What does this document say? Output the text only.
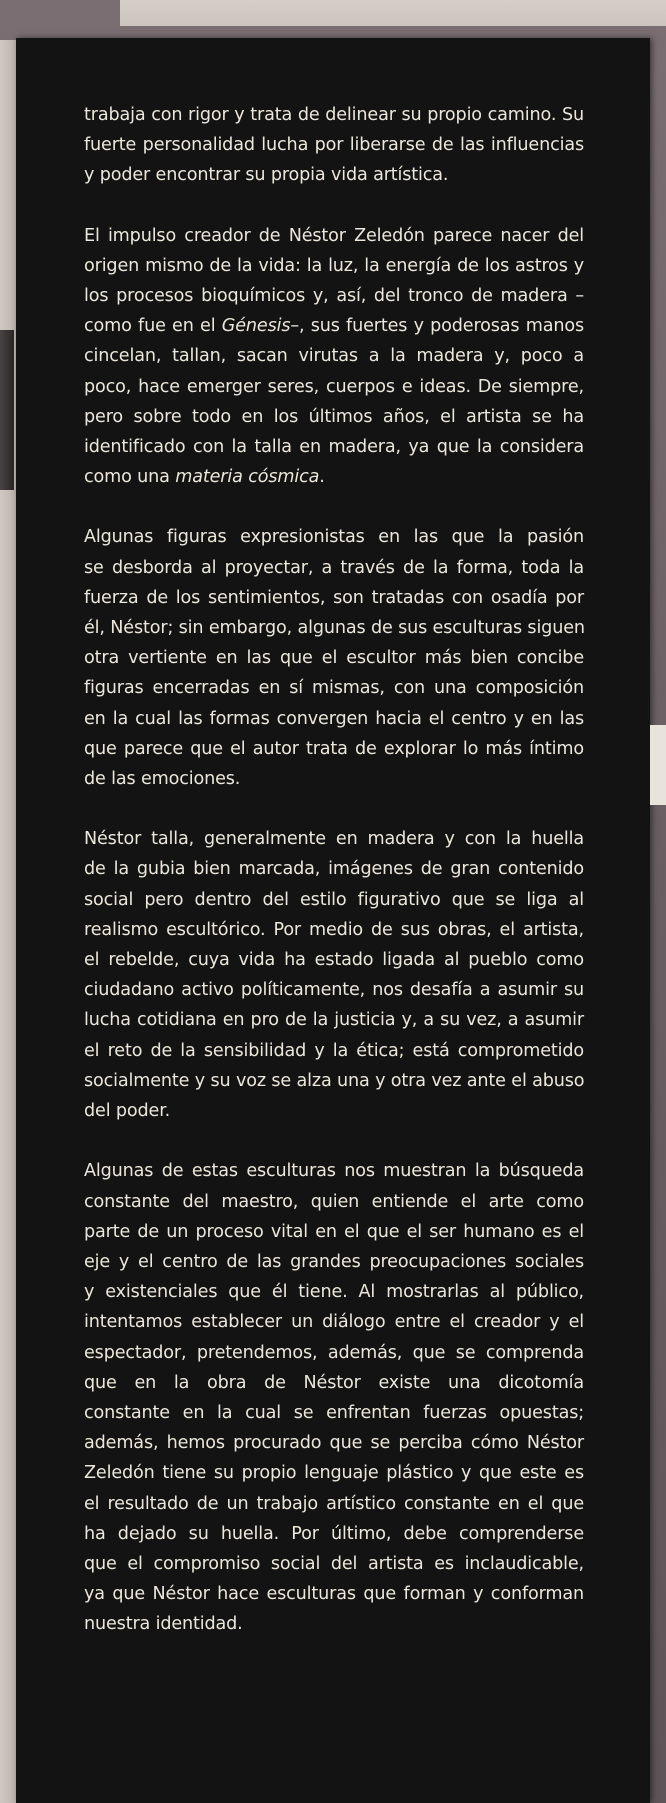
trabaja con rigor y trata de delinear su propio camino. Su
fuerte personalidad lucha por liberarse de las influencias
y poder encontrar su propia vida artística.

El impulso creador de Néstor Zeledón parece nacer del
origen mismo de la vida: la luz, la energía de los astros y
los procesos bioquímicos y, así, del tronco de madera –
como fue en el Génesis–, sus fuertes y poderosas manos
cincelan, tallan, sacan virutas a la madera y, poco a
poco, hace emerger seres, cuerpos e ideas. De siempre,
pero sobre todo en los últimos años, el artista se ha
identificado con la talla en madera, ya que la considera
como una materia cósmica.

Algunas figuras expresionistas en las que la pasión
se desborda al proyectar, a través de la forma, toda la
fuerza de los sentimientos, son tratadas con osadía por
él, Néstor; sin embargo, algunas de sus esculturas siguen
otra vertiente en las que el escultor más bien concibe
figuras encerradas en sí mismas, con una composición
en la cual las formas convergen hacia el centro y en las
que parece que el autor trata de explorar lo más íntimo
de las emociones.

Néstor talla, generalmente en madera y con la huella
de la gubia bien marcada, imágenes de gran contenido
social pero dentro del estilo figurativo que se liga al
realismo escultórico. Por medio de sus obras, el artista,
el rebelde, cuya vida ha estado ligada al pueblo como
ciudadano activo políticamente, nos desafía a asumir su
lucha cotidiana en pro de la justicia y, a su vez, a asumir
el reto de la sensibilidad y la ética; está comprometido
socialmente y su voz se alza una y otra vez ante el abuso
del poder.

Algunas de estas esculturas nos muestran la búsqueda
constante del maestro, quien entiende el arte como
parte de un proceso vital en el que el ser humano es el
eje y el centro de las grandes preocupaciones sociales
y existenciales que él tiene. Al mostrarlas al público,
intentamos establecer un diálogo entre el creador y el
espectador, pretendemos, además, que se comprenda
que en la obra de Néstor existe una dicotomía
constante en la cual se enfrentan fuerzas opuestas;
además, hemos procurado que se perciba cómo Néstor
Zeledón tiene su propio lenguaje plástico y que este es
el resultado de un trabajo artístico constante en el que
ha dejado su huella. Por último, debe comprenderse
que el compromiso social del artista es inclaudicable,
ya que Néstor hace esculturas que forman y conforman
nuestra identidad.
